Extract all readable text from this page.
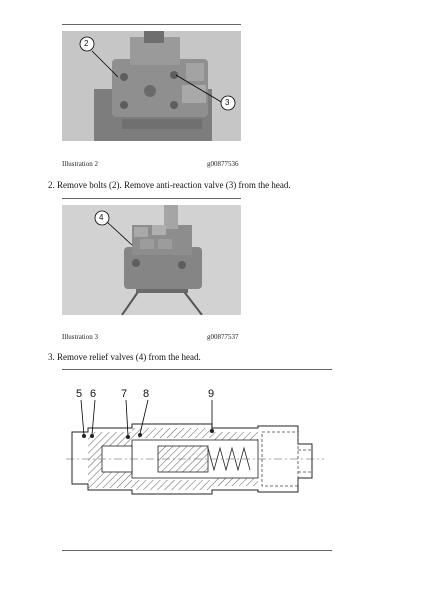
2
3
Illustration 2	g00877536
2. Remove bolts (2). Remove anti-reaction valve (3) from the head.
4
Illustration 3	g00877537
3. Remove relief valves (4) from the head.
5 6 7 8	9
